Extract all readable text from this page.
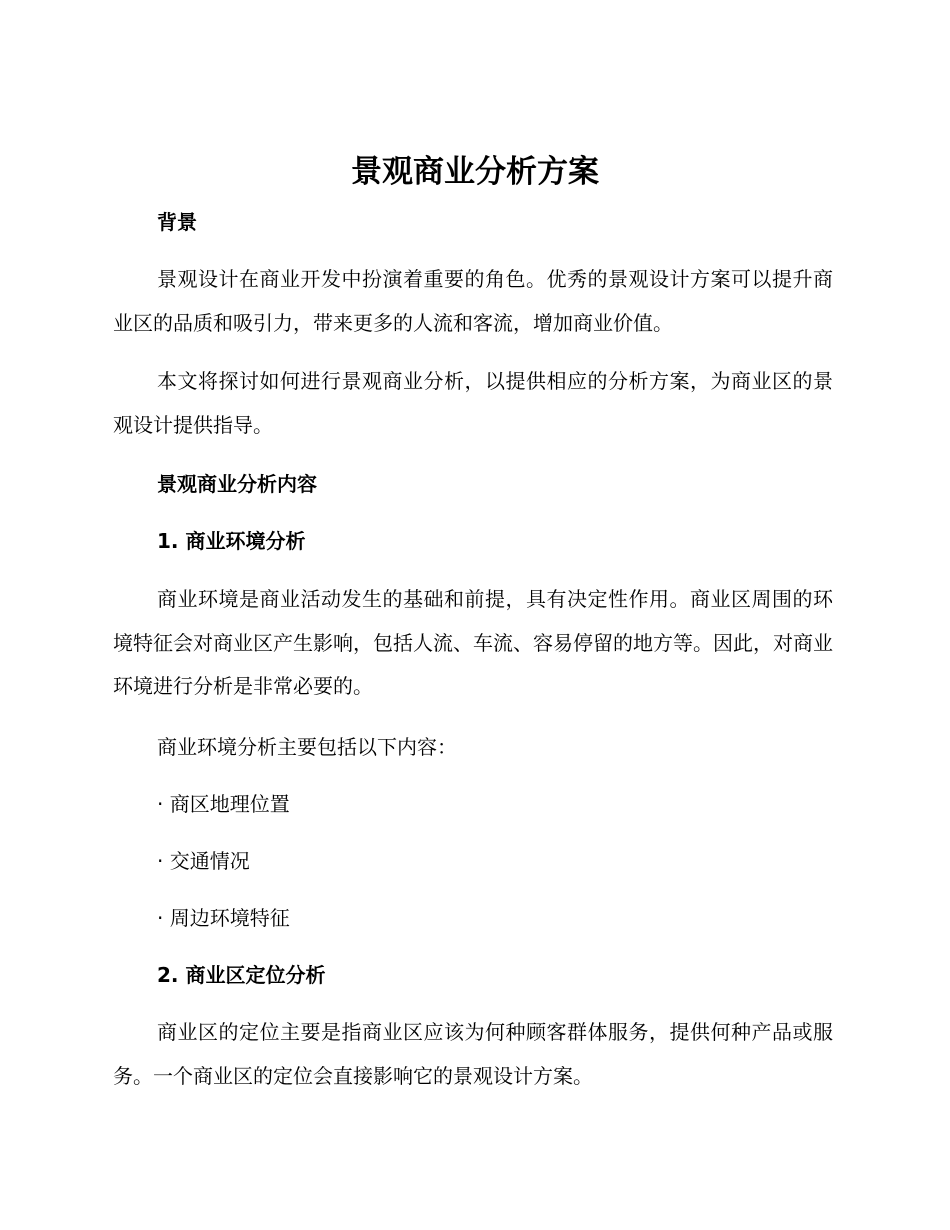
景观商业分析方案
背景

景观设计在商业开发中扮演着重要的角色。优秀的景观设计方案可以提升商业区的品质和吸引力，带来更多的人流和客流，增加商业价值。

本文将探讨如何进行景观商业分析，以提供相应的分析方案，为商业区的景观设计提供指导。

景观商业分析内容
1. 商业环境分析

商业环境是商业活动发生的基础和前提，具有决定性作用。商业区周围的环境特征会对商业区产生影响，包括人流、车流、容易停留的地方等。因此，对商业环境进行分析是非常必要的。

商业环境分析主要包括以下内容：

· 商区地理位置

· 交通情况

· 周边环境特征

2. 商业区定位分析

商业区的定位主要是指商业区应该为何种顾客群体服务，提供何种产品或服务。一个商业区的定位会直接影响它的景观设计方案。
